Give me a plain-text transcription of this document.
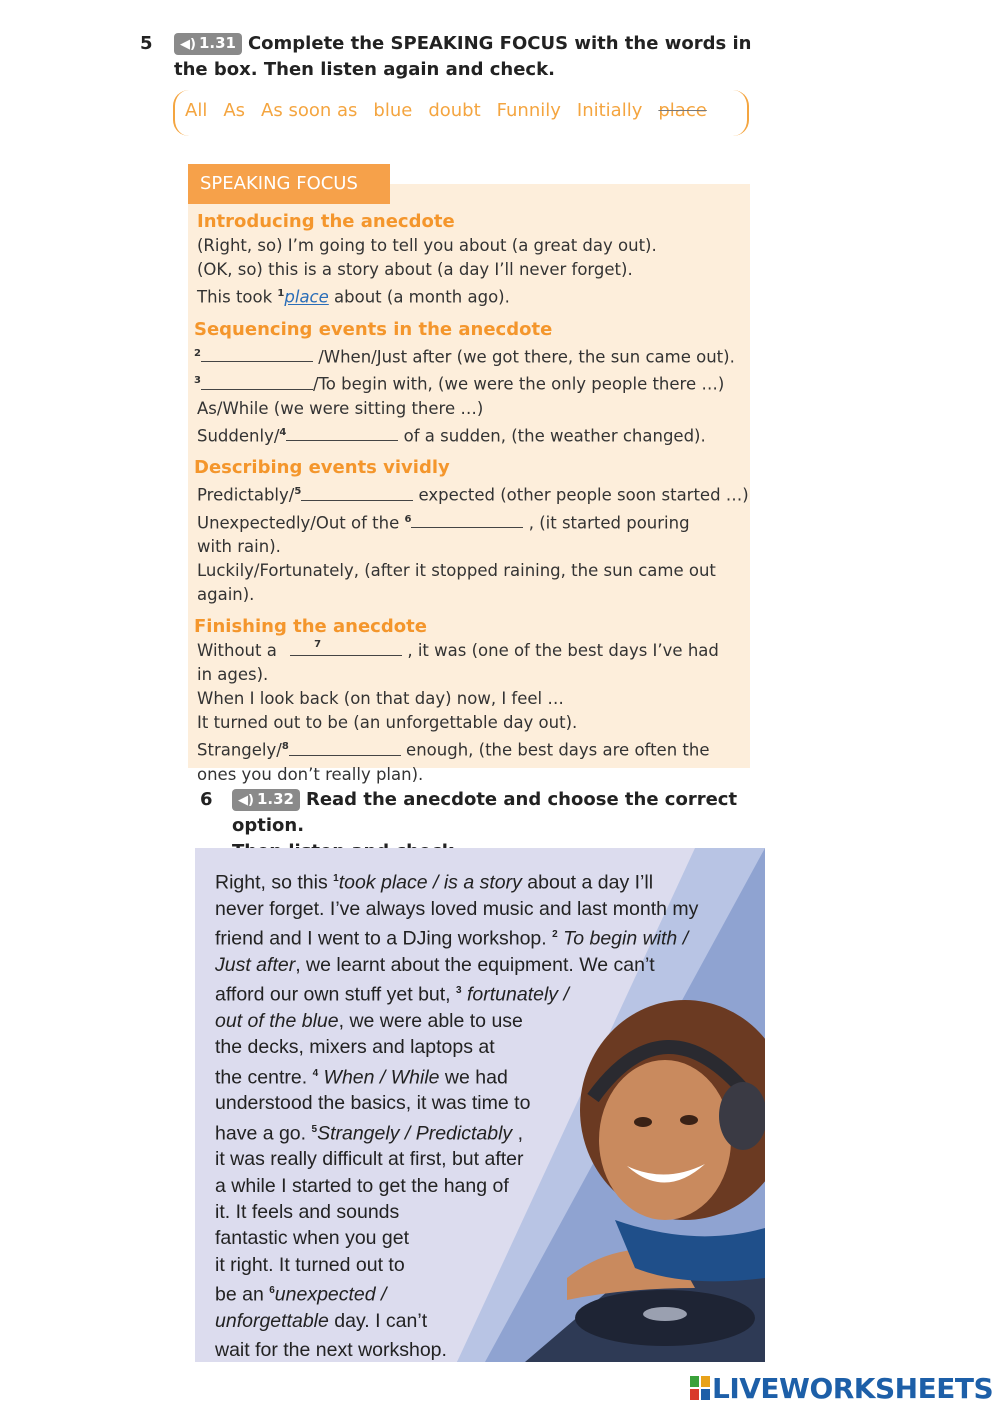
5	◀) 1.31 Complete the SPEAKING FOCUS with the words in
the box. Then listen again and check.
All As As soon as blue doubt Funnily Initially place
SPEAKING FOCUS
Introducing the anecdote

(Right, so) I’m going to tell you about (a great day out).

(OK, so) this is a story about (a day I’ll never forget).

This took $^1$place about (a month ago).

Sequencing events in the anecdote

$^2$	/When/Just after (we got there, the sun came out).

$^3$	/To begin with, (we were the only people there …)

As/While (we were sitting there …)

Suddenly/$^4$	of a sudden, (the weather changed).

Describing events vividly

Predictably/$^5$	expected (other people soon started …)

Unexpectedly/Out of the $^6$	, (it started pouring

with rain).

Luckily/Fortunately, (after it stopped raining, the sun came out

again).

Finishing the anecdote

Without a	7	, it was (one of the best days I’ve had

in ages).

When I look back (on that day) now, I feel …

It turned out to be (an unforgettable day out).

Strangely/$^8$	enough, (the best days are often the

ones you don’t really plan).

6	◀) 1.32 Read the anecdote and choose the correct option.

Right, so this $^1$took place / is a story about a day I’ll

never forget. I’ve always loved music and last month my

friend and I went to a DJing workshop. $^2$ To begin with /

Just after, we learnt about the equipment. We can’t

afford our own stuff yet but, $^3$ fortunately /

out of the blue, we were able to use

the decks, mixers and laptops at

the centre. $^4$ When / While we had

understood the basics, it was time to

have a go. $^5$Strangely / Predictably ,

it was really difficult at first, but after

a while I started to get the hang of

it. It feels and sounds

fantastic when you get

it right. It turned out to

be an $^6$unexpected /

unforgettable day. I can’t

wait for the next workshop.

LIVEWORKSHEETS
